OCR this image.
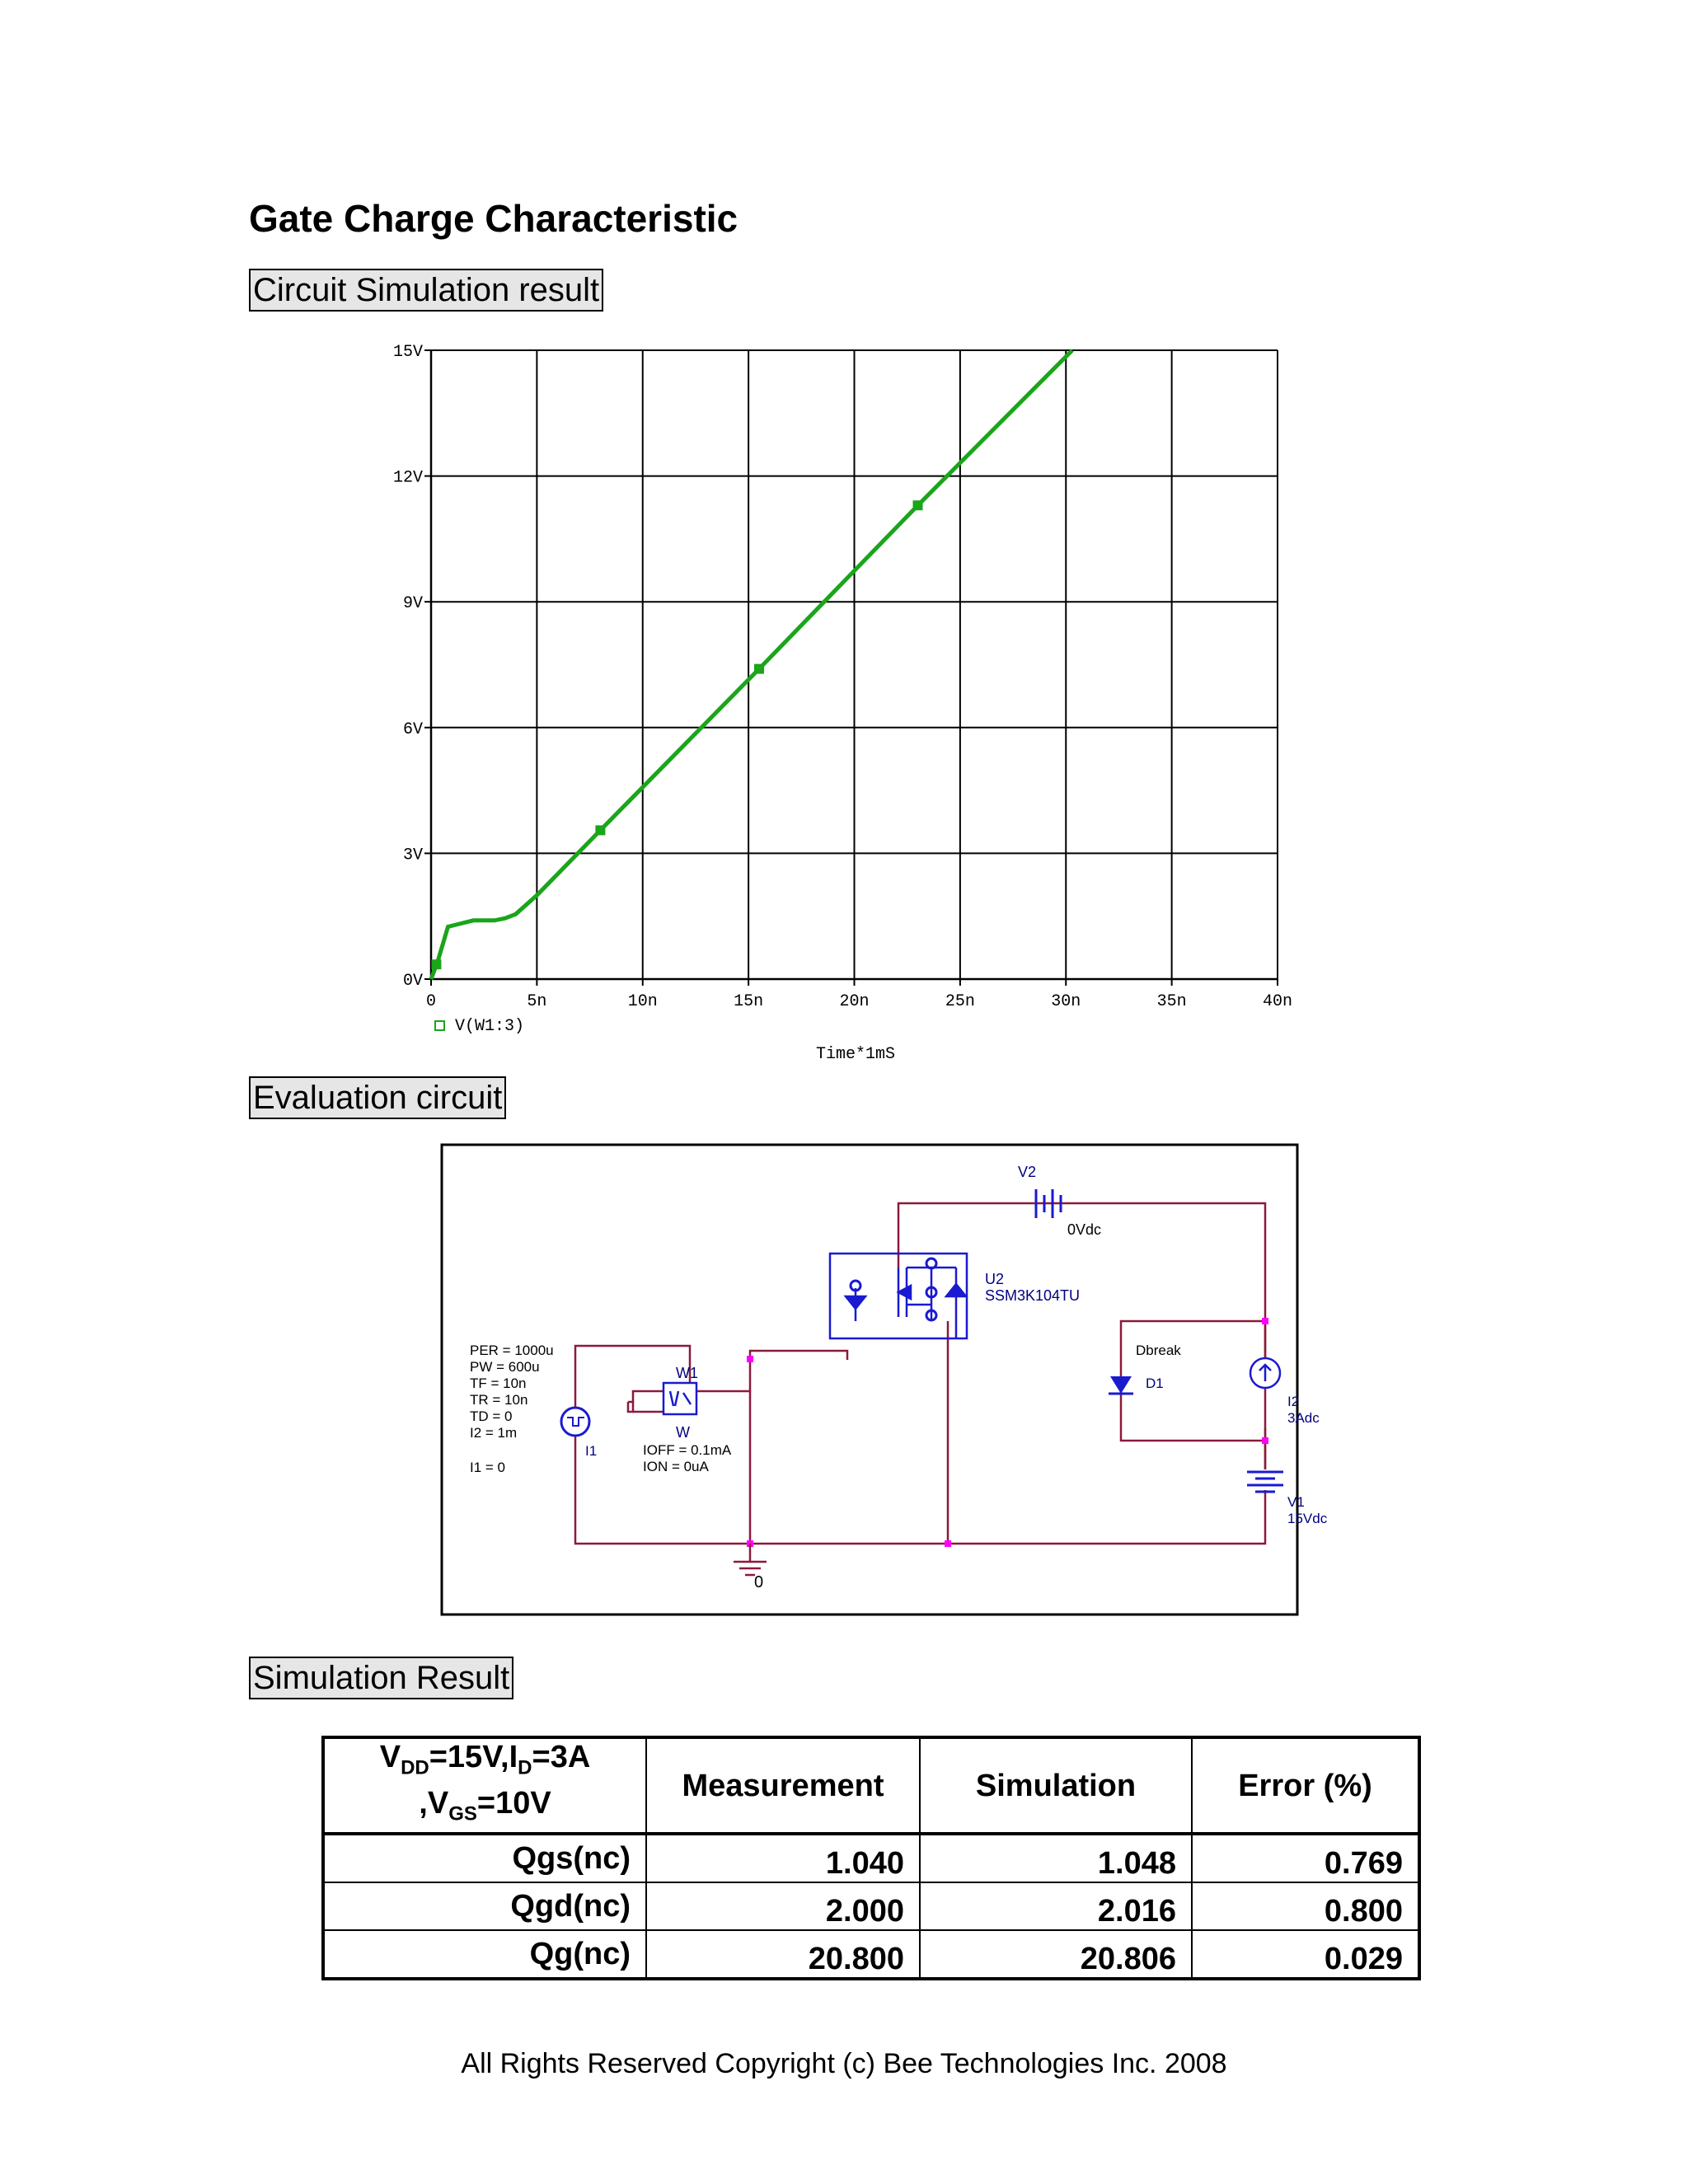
Gate Charge Characteristic
Circuit Simulation result
0V
3V
6V
9V
12V
15V
0	5n	10n	15n	20n	25n	30n	35n	40n
V(W1:3)
Time*1mS
Evaluation circuit
V2
0Vdc
U2
SSM3K104TU
PER = 1000u
PW = 600u
TF = 10n
TR = 10n
TD = 0
I2 = 1m
I1 = 0
I1
W1
W
IOFF = 0.1mA
ION = 0uA
Dbreak
D1
I2
3Adc
V1
15Vdc
0
Simulation Result
$V_{DD}=15V,I_D=3A$
$,V_{GS}=10V$	Measurement	Simulation	Error (%)
Qgs(nc)	1.040	1.048	0.769
Qgd(nc)	2.000	2.016	0.800
Qg(nc)	20.800	20.806	0.029
All Rights Reserved Copyright (c) Bee Technologies Inc. 2008
